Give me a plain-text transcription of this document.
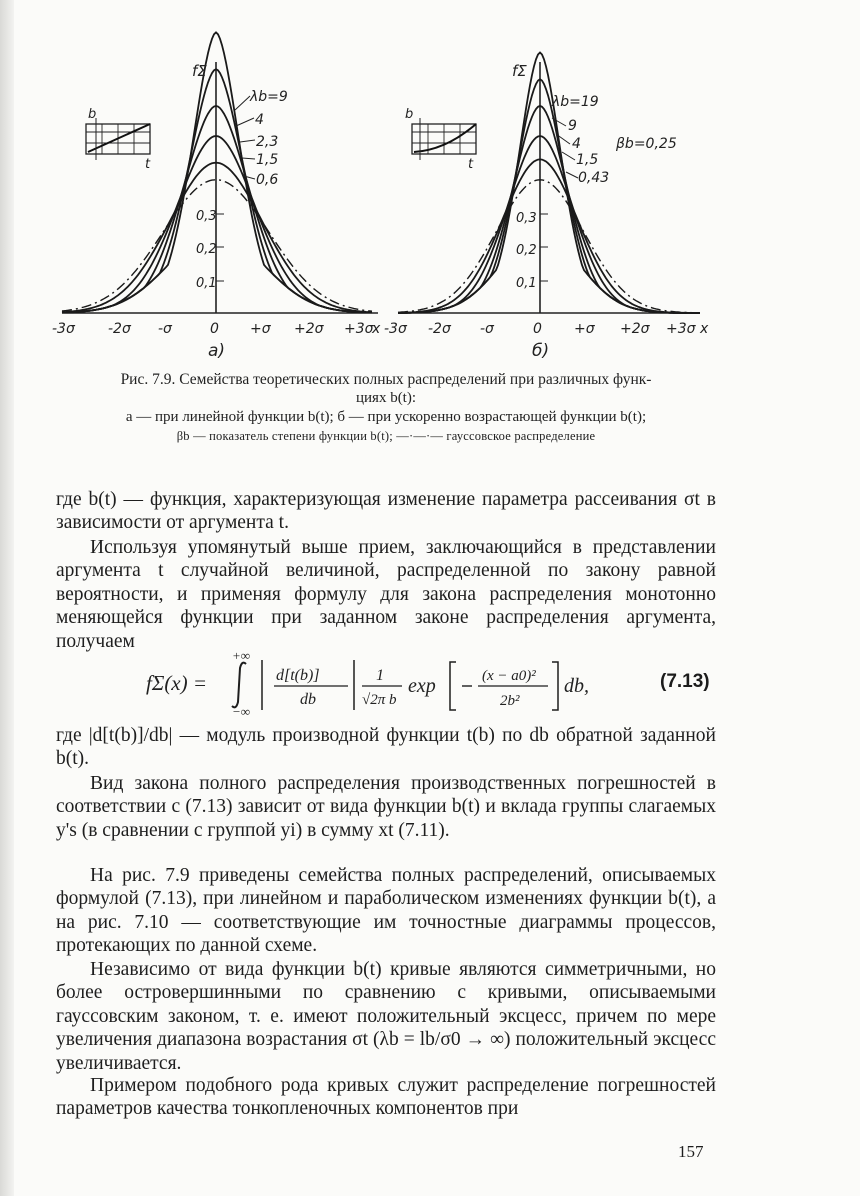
b
t
fΣ
λb=9
4
2,3
1,5
0,6
0,3
0,2
0,1
-3σ -2σ -σ	0 +σ +2σ +3σ
x
а)
b
t
fΣ
λb=19
9
4
1,5
0,43
βb=0,25
0,3
0,2
0,1
-3σ -2σ -σ	0 +σ +2σ +3σ x
б)
Рис. 7.9. Семейства теоретических полных распределений при различных функ-
циях b(t):
а — при линейной функции b(t); б — при ускоренно возрастающей функции b(t);
βb — показатель степени функции b(t); —·—·— гауссовское распределение
где b(t) — функция, характеризующая изменение параметра рассеивания σt в зависимости от аргумента t.
Используя упомянутый выше прием, заключающийся в представлении аргумента t случайной величиной, распределенной по закону равной вероятности, и применяя формулу для закона распределения монотонно меняющейся функции при заданном законе распределения аргумента, получаем
fΣ(x) =
+∞
−∞
d[t(b)]
db
1
√2π b
exp	(x − a0)²
2b²
db,	(7.13)
где |d[t(b)]/db| — модуль производной функции t(b) по db обратной заданной b(t).
Вид закона полного распределения производственных погрешностей в соответствии с (7.13) зависит от вида функции b(t) и вклада группы слагаемых y's (в сравнении с группой yi) в сумму xt (7.11).
На рис. 7.9 приведены семейства полных распределений, описываемых формулой (7.13), при линейном и параболическом изменениях функции b(t), а на рис. 7.10 — соответствующие им точностные диаграммы процессов, протекающих по данной схеме.
Независимо от вида функции b(t) кривые являются симметричными, но более островершинными по сравнению с кривыми, описываемыми гауссовским законом, т. е. имеют положительный эксцесс, причем по мере увеличения диапазона возрастания σt (λb = lb/σ0 → ∞) положительный эксцесс увеличивается.
Примером подобного рода кривых служит распределение погрешностей параметров качества тонкопленочных компонентов при
157
